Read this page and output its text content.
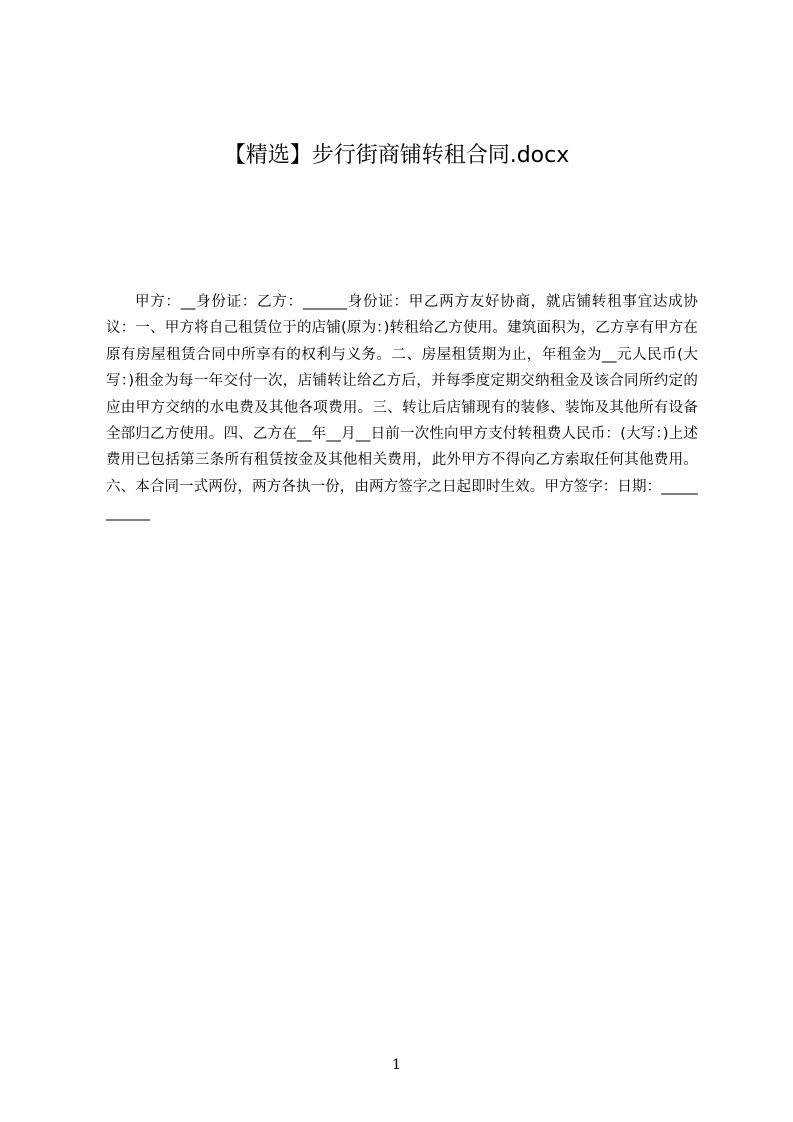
【精选】步行街商铺转租合同.docx

甲方：__身份证：乙方：______身份证：甲乙两方友好协商，就店铺转租事宜达成协议：一、甲方将自己租赁位于的店铺(原为：)转租给乙方使用。建筑面积为，乙方享有甲方在原有房屋租赁合同中所享有的权利与义务。二、房屋租赁期为止，年租金为__元人民币(大写：)租金为每一年交付一次，店铺转让给乙方后，并每季度定期交纳租金及该合同所约定的应由甲方交纳的水电费及其他各项费用。三、转让后店铺现有的装修、装饰及其他所有设备全部归乙方使用。四、乙方在__年__月__日前一次性向甲方支付转租费人民币：(大写：)上述费用已包括第三条所有租赁按金及其他相关费用，此外甲方不得向乙方索取任何其他费用。六、本合同一式两份，两方各执一份，由两方签字之日起即时生效。甲方签字：日期：___________

1
